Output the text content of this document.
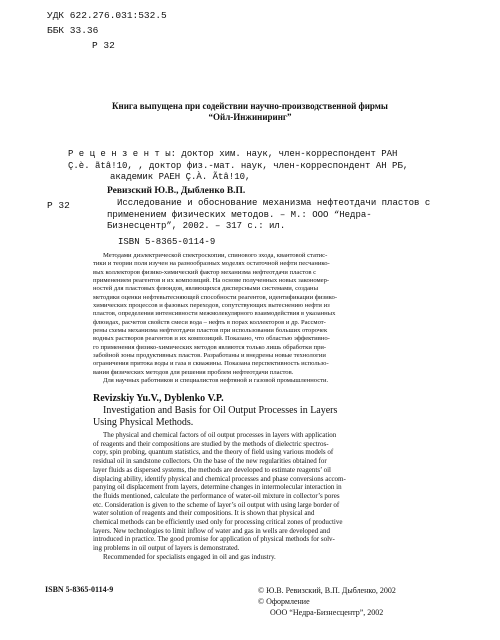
УДК 622.276.031:532.5
ББК 33.36
Р 32
Книга выпущена при содействии научно-производственной фирмы
“Ойл-Инжиниринг”
Р е ц е н з е н т ы: доктор хим. наук, член-корреспондент РАН
Ç.è. ãtâ!10, , доктор физ.-мат. наук, член-корреспондент АН РБ,
академик РАЕН Ç.À. Ãtâ!10,
Р 32
Ревизский Ю.В., Дыбленко В.П.
Исследование и обоснование механизма нефтеотдачи пластов с
применением физических методов. – М.: ООО “Недра-
Бизнесцентр”, 2002. – 317 с.: ил.
ISBN 5-8365-0114-9
Методами диэлектрической спектроскопии, спинового эхода, квантовой статис-
тики и теории поля изучен на разнообразных моделях остаточной нефти песчанико-
вых коллекторов физико-химический фактор механизма нефтеотдачи пластов с
применением реагентов и их композиций. На основе полученных новых закономер-
ностей для пластовых флюидов, являющихся дисперсными системами, созданы
методики оценки нефтевытесняющей способности реагентов, идентификации физико-
химических процессов и фазовых переходов, сопутствующих вытеснению нефти из
пластов, определения интенсивности межмолекулярного взаимодействия в указанных
флюидах, расчетов свойств смеси вода – нефть в порах коллекторов и др. Рассмот-
рены схемы механизма нефтеотдачи пластов при использовании больших оторочек
водных растворов реагентов и их композиций. Показано, что областью эффективно-
го применения физико-химических методов являются только лишь обработки при-
забойной зоны продуктивных пластов. Разработаны и внедрены новые технологии
ограничения притока воды и газа в скважины. Показана перспективность использо-
вания физических методов для решения проблем нефтеотдачи пластов.
Для научных работников и специалистов нефтяной и газовой промышленности.
Revizskiy Yu.V., Dyblenko V.P.
Investigation and Basis for Oil Output Processes in Layers
Using Physical Methods.
The physical and chemical factors of oil output processes in layers with application
of reagents and their compositions are studied by the methods of dielectric spectros-
copy, spin probing, quantum statistics, and the theory of field using various models of
residual oil in sandstone collectors. On the base of the new regularities obtained for
layer fluids as dispersed systems, the methods are developed to estimate reagents’ oil
displacing ability, identify physical and chemical processes and phase conversions accom-
panying oil displacement from layers, determine changes in intermolecular interaction in
the fluids mentioned, calculate the performance of water-oil mixture in collector’s pores
etc. Consideration is given to the scheme of layer’s oil output with using large border of
water solution of reagents and their compositions. It is shown that physical and
chemical methods can be efficiently used only for processing critical zones of productive
layers. New technologies to limit inflow of water and gas in wells are developed and
introduced in practice. The good promise for application of physical methods for solv-
ing problems in oil output of layers is demonstrated.
Recommended for specialists engaged in oil and gas industry.
ISBN 5-8365-0114-9	© Ю.В. Ревизский, В.П. Дыбленко, 2002
© Оформление
ООО “Недра-Бизнесцентр”, 2002
